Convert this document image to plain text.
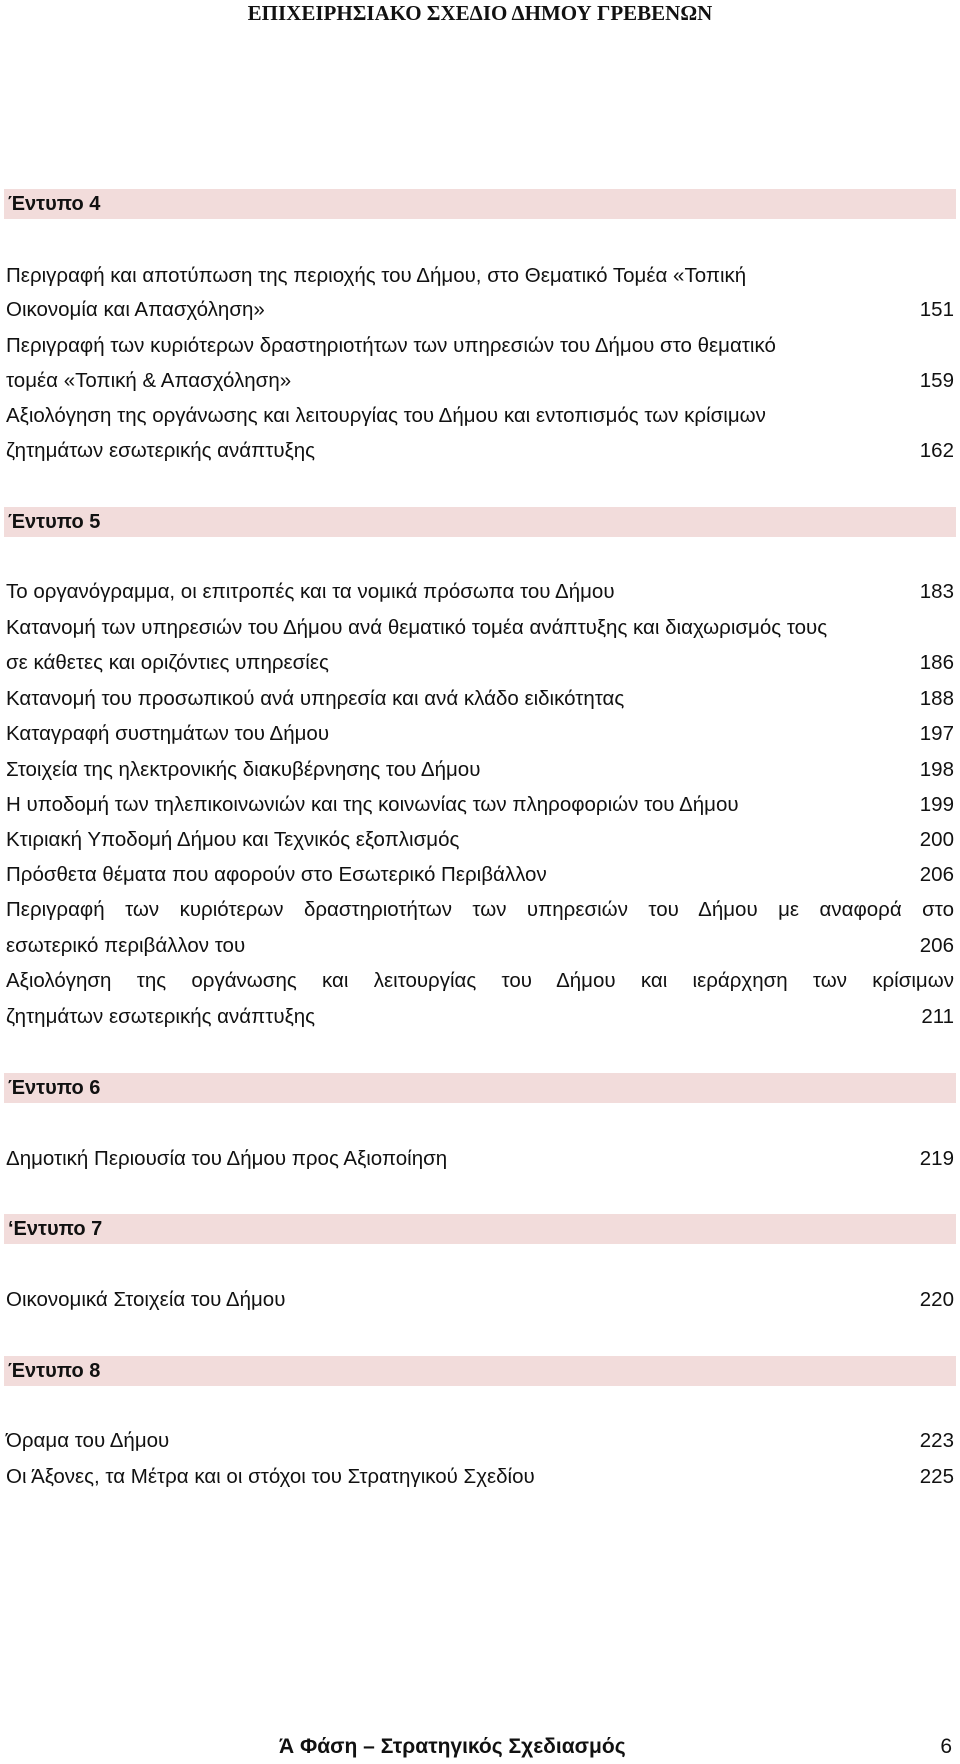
ΕΠΙΧΕΙΡΗΣΙΑΚΟ ΣΧΕΔΙΟ ΔΗΜΟΥ ΓΡΕΒΕΝΩΝ
Έντυπο 4
Περιγραφή και αποτύπωση της περιοχής του Δήμου, στο Θεματικό Τομέα «Τοπική
Οικονομία και Απασχόληση»	151
Περιγραφή των κυριότερων δραστηριοτήτων των υπηρεσιών του Δήμου στο θεματικό
τομέα «Τοπική & Απασχόληση»	159
Αξιολόγηση της οργάνωσης και λειτουργίας του Δήμου και εντοπισμός των κρίσιμων
ζητημάτων εσωτερικής ανάπτυξης	162
Έντυπο 5
Το οργανόγραμμα, οι επιτροπές και τα νομικά πρόσωπα του Δήμου	183
Κατανομή των υπηρεσιών του Δήμου ανά θεματικό τομέα ανάπτυξης και διαχωρισμός τους
σε κάθετες και οριζόντιες υπηρεσίες	186
Κατανομή του προσωπικού ανά υπηρεσία και ανά κλάδο ειδικότητας	188
Καταγραφή συστημάτων του Δήμου	197
Στοιχεία της ηλεκτρονικής διακυβέρνησης του Δήμου	198
Η υποδομή των τηλεπικοινωνιών και της κοινωνίας των πληροφοριών του Δήμου	199
Κτιριακή Υποδομή Δήμου και Τεχνικός εξοπλισμός	200
Πρόσθετα θέματα που αφορούν στο Εσωτερικό Περιβάλλον	206
Περιγραφή των κυριότερων δραστηριοτήτων των υπηρεσιών του Δήμου με αναφορά στο
εσωτερικό περιβάλλον του	206
Αξιολόγηση της οργάνωσης και λειτουργίας του Δήμου και ιεράρχηση των κρίσιμων
ζητημάτων εσωτερικής ανάπτυξης	211
Έντυπο 6
Δημοτική Περιουσία του Δήμου προς Αξιοποίηση	219
‘Εντυπο 7
Οικονομικά Στοιχεία του Δήμου	220
Έντυπο 8
Όραμα του Δήμου	223
Οι Άξονες, τα Μέτρα και οι στόχοι του Στρατηγικού Σχεδίου	225
Ά Φάση – Στρατηγικός Σχεδιασμός	6
